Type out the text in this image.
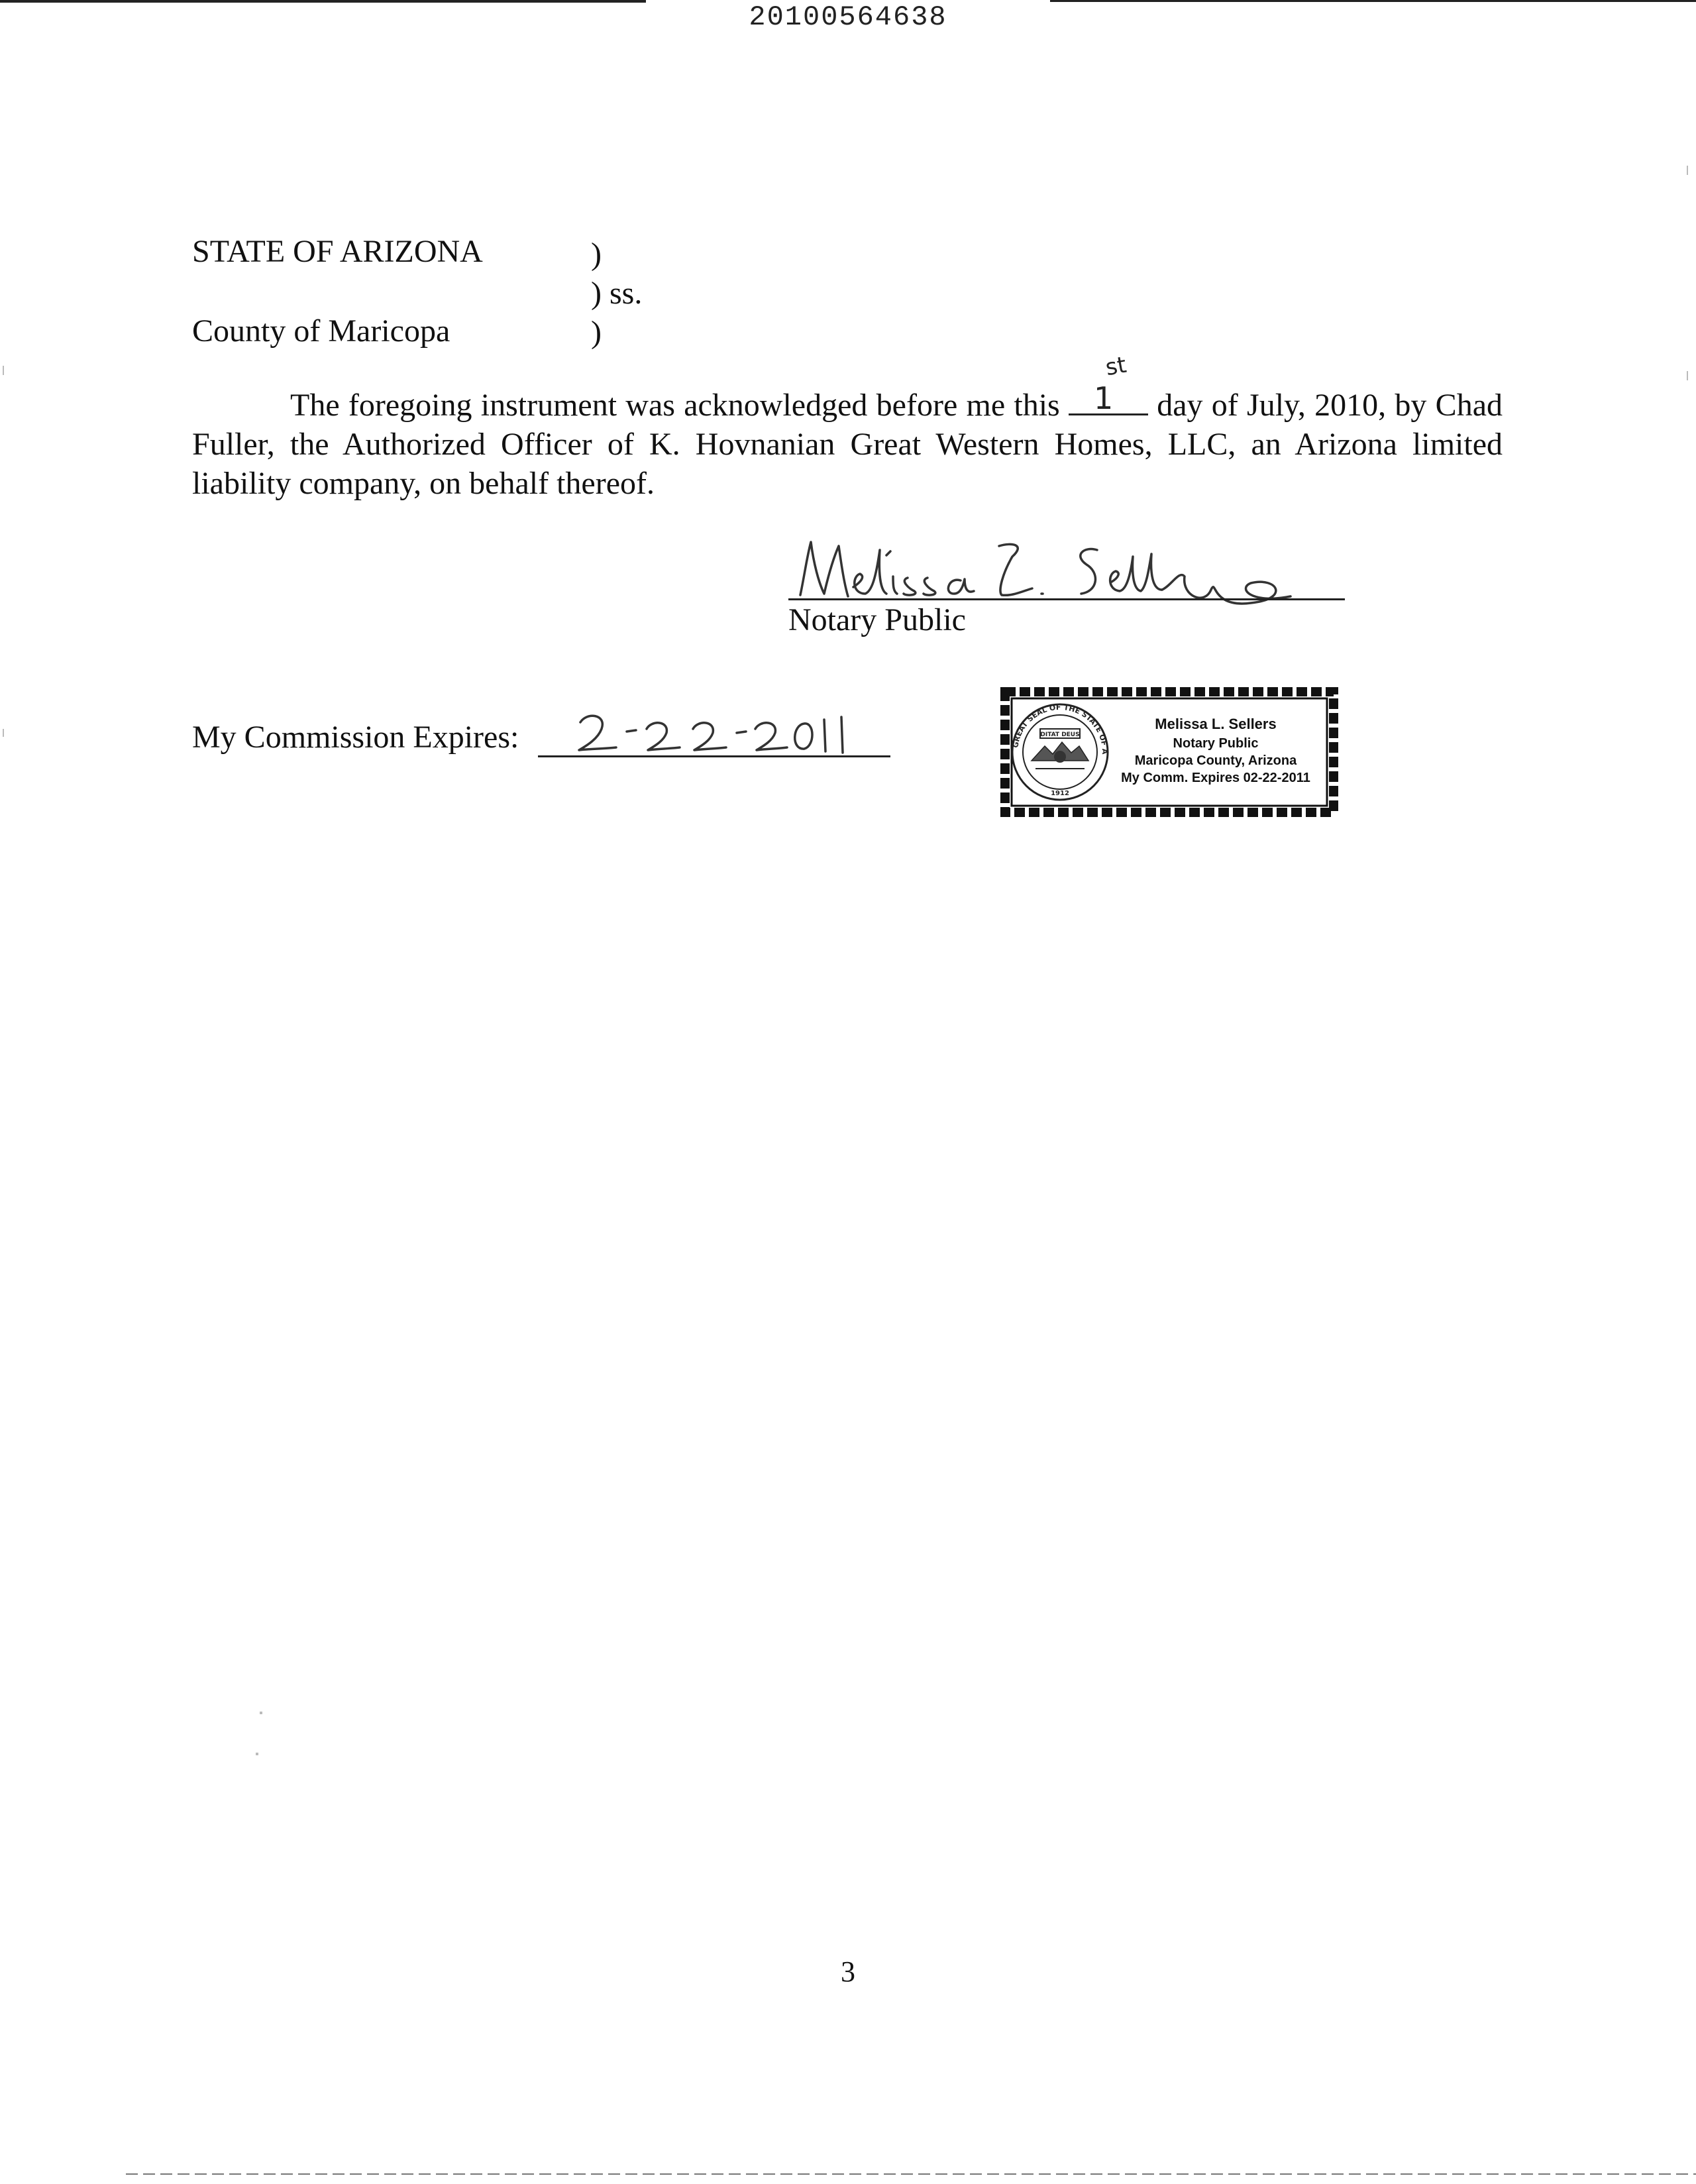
20100564638
STATE OF ARIZONA	)
) ss.
County of Maricopa	)
The foregoing instrument was acknowledged before me this
st
1 day of July, 2010, by Chad Fuller, the Authorized Officer of K. Hovnanian Great Western Homes, LLC, an Arizona limited liability company, on behalf thereof.
Notary Public
My Commission Expires:	GREAT SEAL OF THE STATE OF A
DITAT DEUS
1912
Melissa L. Sellers
Notary Public
Maricopa County, Arizona
My Comm. Expires 02-22-2011
3
